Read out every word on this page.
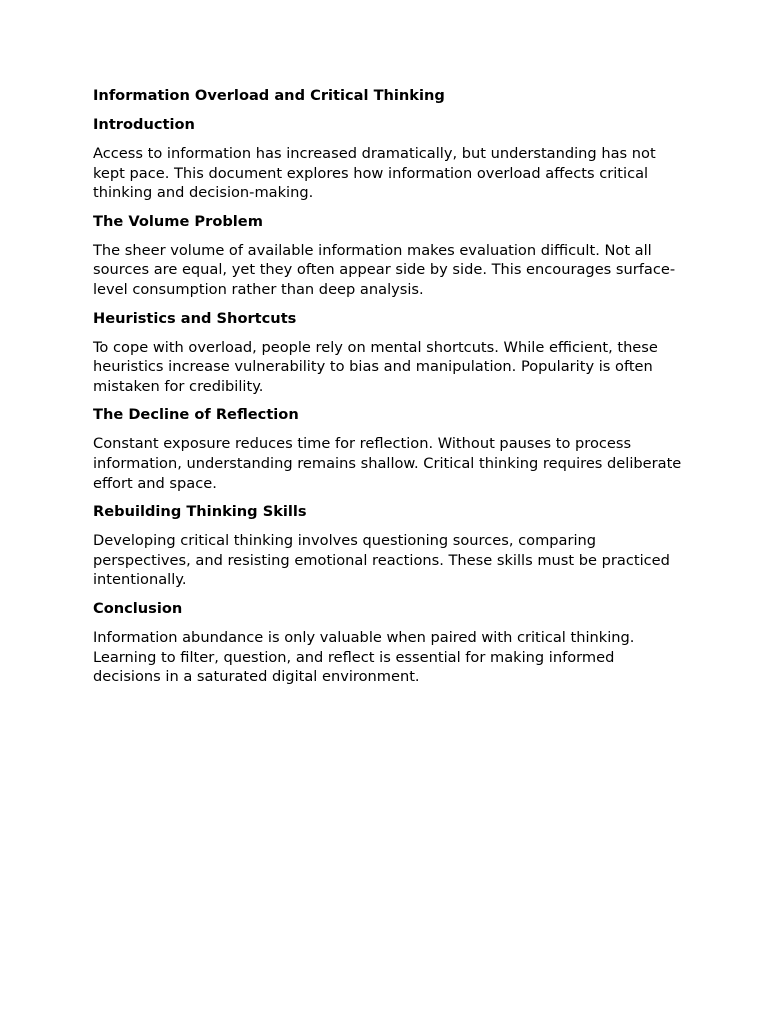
Information Overload and Critical Thinking
Introduction

Access to information has increased dramatically, but understanding has not kept pace. This document explores how information overload affects critical thinking and decision-making.

The Volume Problem

The sheer volume of available information makes evaluation difficult. Not all sources are equal, yet they often appear side by side. This encourages surface-level consumption rather than deep analysis.

Heuristics and Shortcuts

To cope with overload, people rely on mental shortcuts. While efficient, these heuristics increase vulnerability to bias and manipulation. Popularity is often mistaken for credibility.

The Decline of Reflection

Constant exposure reduces time for reflection. Without pauses to process information, understanding remains shallow. Critical thinking requires deliberate effort and space.

Rebuilding Thinking Skills

Developing critical thinking involves questioning sources, comparing perspectives, and resisting emotional reactions. These skills must be practiced intentionally.

Conclusion

Information abundance is only valuable when paired with critical thinking. Learning to filter, question, and reflect is essential for making informed decisions in a saturated digital environment.
